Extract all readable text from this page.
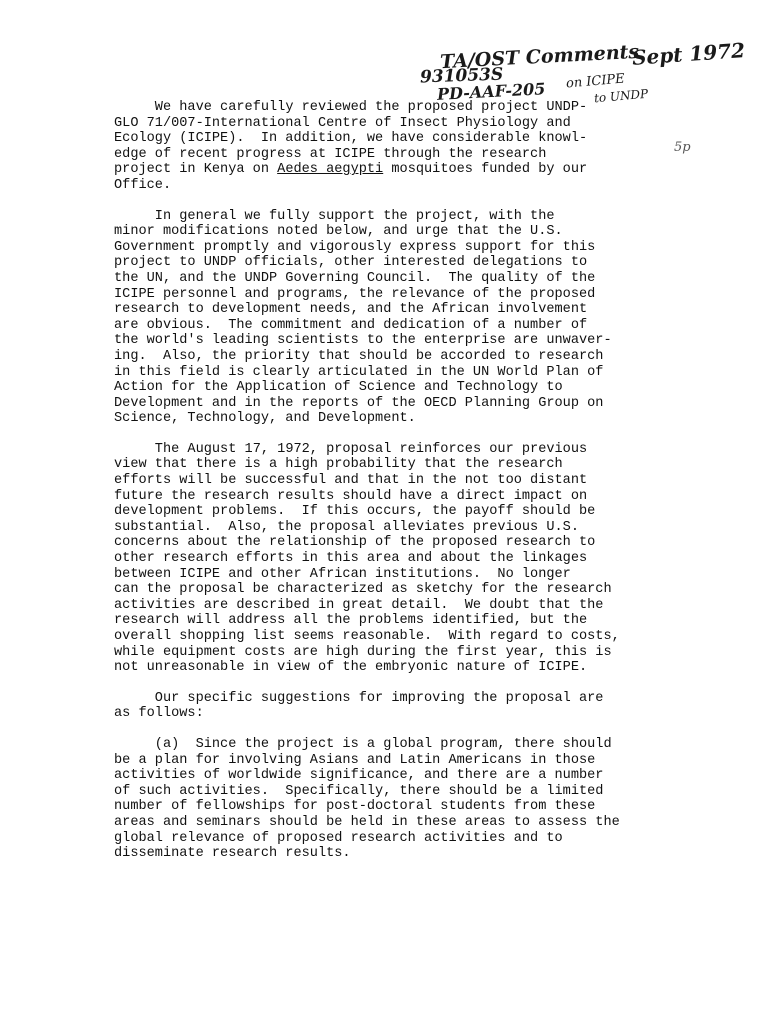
TA/OST Comments
Sept 1972
931053S
PD-AAF-205 on ICIPE
to UNDP
5p

We have carefully reviewed the proposed project UNDP-
GLO 71/007-International Centre of Insect Physiology and
Ecology (ICIPE).  In addition, we have considerable knowl-
edge of recent progress at ICIPE through the research
project in Kenya on Aedes aegypti mosquitoes funded by our
Office.

In general we fully support the project, with the
minor modifications noted below, and urge that the U.S.
Government promptly and vigorously express support for this
project to UNDP officials, other interested delegations to
the UN, and the UNDP Governing Council.  The quality of the
ICIPE personnel and programs, the relevance of the proposed
research to development needs, and the African involvement
are obvious.  The commitment and dedication of a number of
the world's leading scientists to the enterprise are unwaver-
ing.  Also, the priority that should be accorded to research
in this field is clearly articulated in the UN World Plan of
Action for the Application of Science and Technology to
Development and in the reports of the OECD Planning Group on
Science, Technology, and Development.

The August 17, 1972, proposal reinforces our previous
view that there is a high probability that the research
efforts will be successful and that in the not too distant
future the research results should have a direct impact on
development problems.  If this occurs, the payoff should be
substantial.  Also, the proposal alleviates previous U.S.
concerns about the relationship of the proposed research to
other research efforts in this area and about the linkages
between ICIPE and other African institutions.  No longer
can the proposal be characterized as sketchy for the research
activities are described in great detail.  We doubt that the
research will address all the problems identified, but the
overall shopping list seems reasonable.  With regard to costs,
while equipment costs are high during the first year, this is
not unreasonable in view of the embryonic nature of ICIPE.

Our specific suggestions for improving the proposal are
as follows:

(a)  Since the project is a global program, there should
be a plan for involving Asians and Latin Americans in those
activities of worldwide significance, and there are a number
of such activities.  Specifically, there should be a limited
number of fellowships for post-doctoral students from these
areas and seminars should be held in these areas to assess the
global relevance of proposed research activities and to
disseminate research results.
